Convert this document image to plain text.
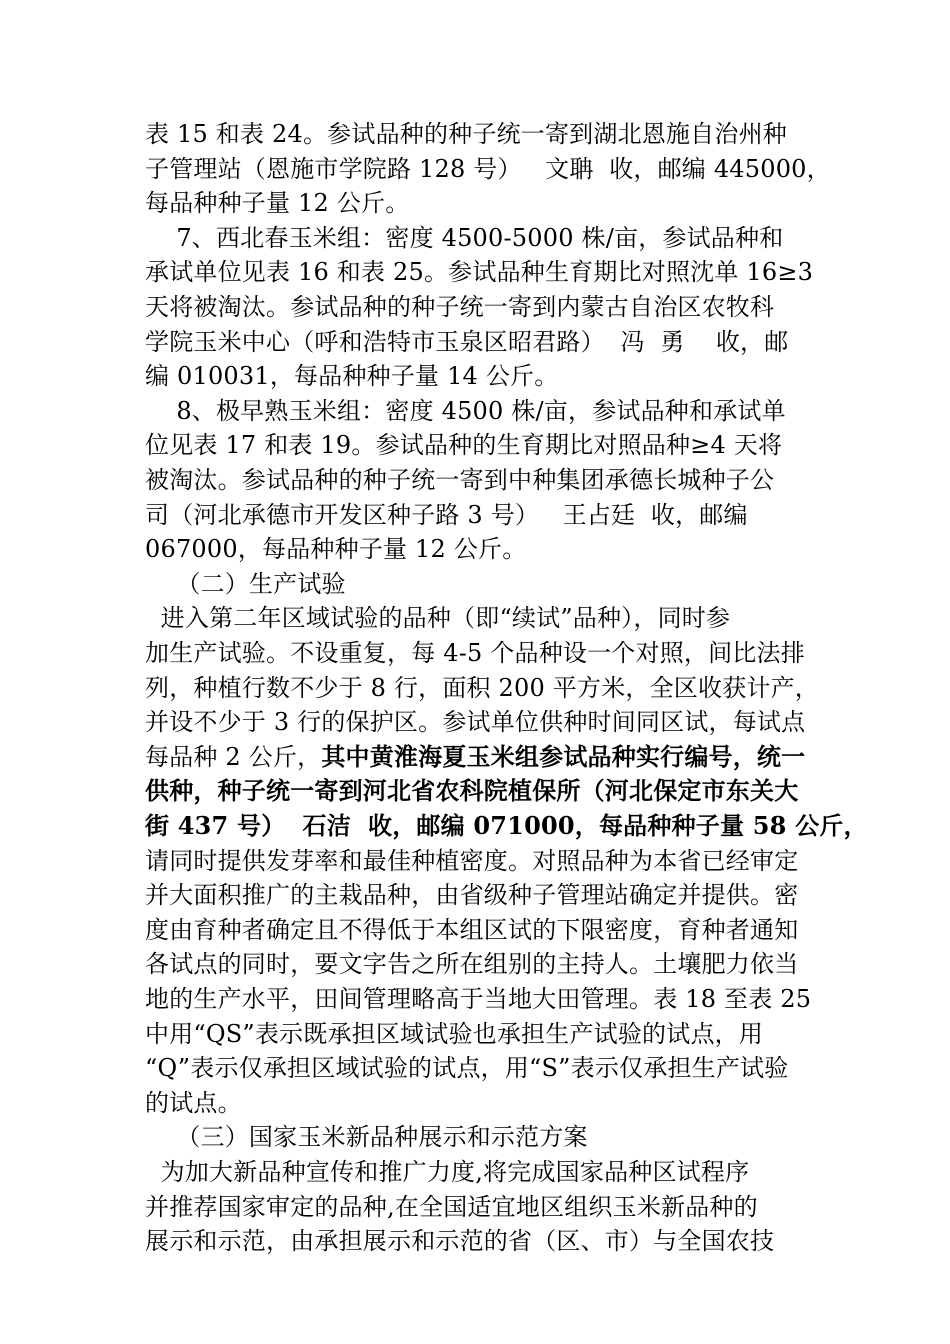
表 15 和表 24。参试品种的种子统一寄到湖北恩施自治州种
子管理站（恩施市学院路 128 号）   文聃  收，邮编 445000，
每品种种子量 12 公斤。
7、西北春玉米组：密度 4500-5000 株/亩，参试品种和
承试单位见表 16 和表 25。参试品种生育期比对照沈单 16≥3
天将被淘汰。参试品种的种子统一寄到内蒙古自治区农牧科
学院玉米中心（呼和浩特市玉泉区昭君路）  冯  勇    收，邮
编 010031，每品种种子量 14 公斤。
8、极早熟玉米组：密度 4500 株/亩，参试品种和承试单
位见表 17 和表 19。参试品种的生育期比对照品种≥4 天将
被淘汰。参试品种的种子统一寄到中种集团承德长城种子公
司（河北承德市开发区种子路 3 号）   王占廷  收，邮编
067000，每品种种子量 12 公斤。
（二）生产试验
进入第二年区域试验的品种（即“续试”品种），同时参
加生产试验。不设重复，每 4-5 个品种设一个对照，间比法排
列，种植行数不少于 8 行，面积 200 平方米，全区收获计产，
并设不少于 3 行的保护区。参试单位供种时间同区试，每试点
每品种 2 公斤，其中黄淮海夏玉米组参试品种实行编号，统一
供种，种子统一寄到河北省农科院植保所（河北保定市东关大
街 437 号）  石洁  收，邮编 071000，每品种种子量 58 公斤，
请同时提供发芽率和最佳种植密度。对照品种为本省已经审定
并大面积推广的主栽品种，由省级种子管理站确定并提供。密
度由育种者确定且不得低于本组区试的下限密度，育种者通知
各试点的同时，要文字告之所在组别的主持人。土壤肥力依当
地的生产水平，田间管理略高于当地大田管理。表 18 至表 25
中用“QS”表示既承担区域试验也承担生产试验的试点，用
“Q”表示仅承担区域试验的试点，用“S”表示仅承担生产试验
的试点。
（三）国家玉米新品种展示和示范方案
为加大新品种宣传和推广力度,将完成国家品种区试程序
并推荐国家审定的品种,在全国适宜地区组织玉米新品种的
展示和示范，由承担展示和示范的省（区、市）与全国农技
